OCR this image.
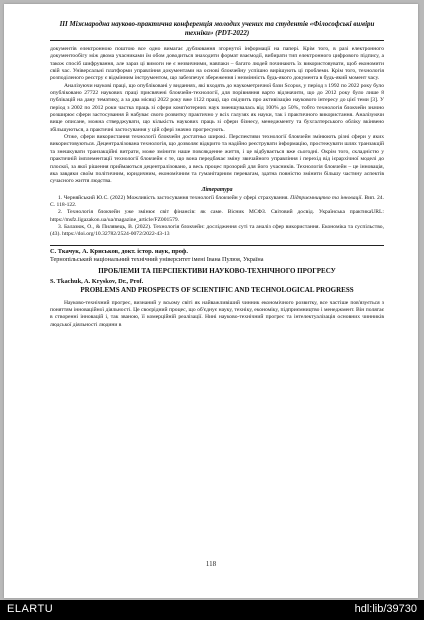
ІІІ Міжнародна науково-практична конференція молодих учених та студентів «Філософські виміри техніки» (PDT-2022)

документів електронною поштою все одно вимагає дублювання згорнутої інформації на папері. Крім того, в разі електронного документообігу між двома учасниками їм обом доводиться знаходити формат взаємодії, вибирати тип електронного цифрового підпису, а також спосіб шифрування, але зараз ці вимоги не є незвичними, навпаки – багато людей починають їх використовувати, щоб економити свій час. Універсальні платформи управління документами на основі блокчейну успішно вирішують ці проблеми. Крім того, технологія розподіленого реєстру є відмінним інструментом, що забезпечує збереження і незмінність будь-якого документа в будь-який момент часу.

Аналізуючи наукові праці, що опубліковані у виданнях, які входять до наукометричної бази Scopus, у період з 1992 по 2022 року було опубліковано 27722 наукових праці присвячені блокчейн-технології, для порівняння варто відзначити, що до 2012 року було лише 8 публікацій на дану тематику, а за два місяці 2022 року вже 1122 праці, що свідчить про активізацію наукового інтересу до цієї теми [3]. У період з 2002 по 2012 роки частка праць зі сфери комп'ютерних наук зменшувалась від 100% до 50%, тобто технологія блокчейн значно розширює сфери застосування й набуває свого розвитку практично у всіх галузях як науки, так і практичного використання. Аналізуючи вище описане, можна стверджувати, що кількість наукових праць зі сфери бізнесу, менеджменту та бухгалтерського обліку вкінвено збільшуються, а практичні застосування у цій сфері значно прогресують.

Отже, сфери використання технології блокчейн достатньо широкі. Перспективи технології блокчейн змінюють різні сфери у яких використовуються. Децентралізована технологія, що дозволяє відкрито та надійно реєструвати інформацію, простежувати шлях транзакцій та знешкувати транзакційні витрати, може змінити наше повсякденне життя, і це відбувається вже сьогодні. Окрім того, складністю у практичній імплементації технології блокчейн є те, що вона передбачає зміну звичайного управління і перехід від ієрархічної моделі до плоскої, за якої рішення приймаються децентралізовано, а весь процес прозорий для його учасників. Технологія блокчейн – це інновація, яка завдяки своїм політичним, юридичним, економічним та гуманітарним перевагам, здатна повністю змінити більшу частину аспектів сучасного життя людства.

Література

1. Черняйський Ю.С. (2022) Можливість застосування технології блокчейн у сфері страхування. Підприємництво та інновації. Вип. 24. С. 118-122.

2. Технологія блокчейн уже змінює світ фінансів: як саме. Вісник МСФЗ. Світовий досвід. Українська практикаURL: https://msfz.ligazakon.ua/ua/magazine_article/FZ001579.

3. Балазюк, О., & Пилявець, В. (2022). Технологія блокчейн: дослідження суті та аналіз сфер використання. Економіка та суспільство, (43). https://doi.org/10.32782/2524-0072/2022-43-13

С. Ткачук, А. Криськов, докт. істор. наук, проф.
Тернопільський національний технічний університет імені Івана Пулюя, Україна
ПРОБЛЕМИ ТА ПЕРСПЕКТИВИ НАУКОВО-ТЕХНІЧНОГО ПРОГРЕСУ
S. Tkachuk, A. Kryskov, Dr., Prof.
PROBLEMS AND PROSPECTS OF SCIENTIFIC AND TECHNOLOGICAL PROGRESS

Науково-технічний прогрес, визнаний у всьому світі як найважливіший чинник економічного розвитку, все частіше пов'язується з поняттям інноваційної діяльності. Це своєрідний процес, що об'єднує науку, техніку, економіку, підприємництво і менеджмент. Він полягає в створенні інновацій і, так званою, її комерційній реалізації. Нині науково-технічний прогрес та інтелектуалізація основних чинників людської діяльності людини в

118
ELARTU	hdl:lib/39730
